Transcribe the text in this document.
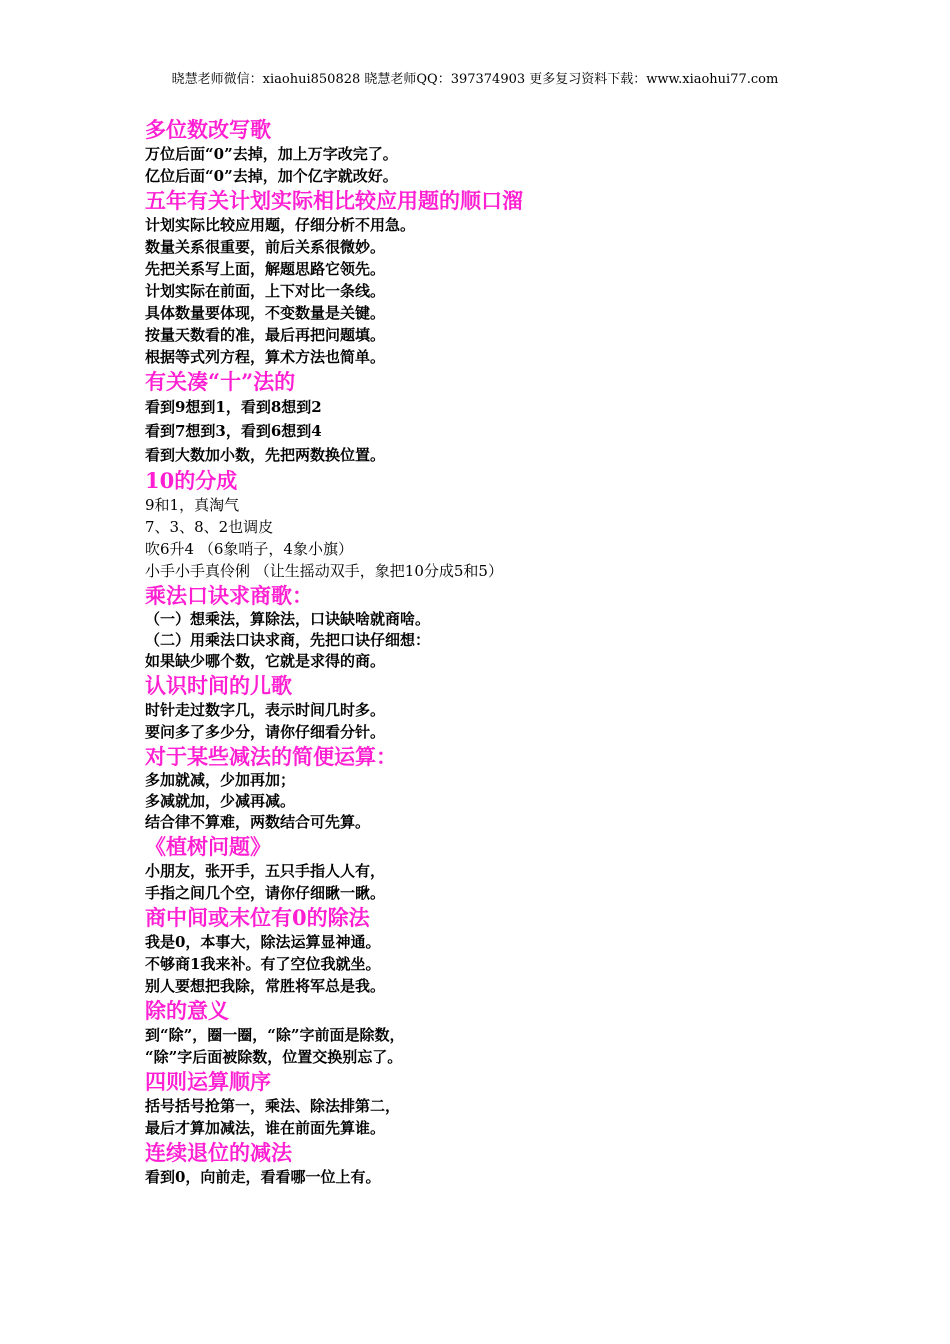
晓慧老师微信：xiaohui850828 晓慧老师QQ：397374903 更多复习资料下载：www.xiaohui77.com
多位数改写歌
万位后面“0”去掉，加上万字改完了。
亿位后面“0”去掉，加个亿字就改好。
五年有关计划实际相比较应用题的顺口溜
计划实际比较应用题，仔细分析不用急。
数量关系很重要，前后关系很微妙。
先把关系写上面，解题思路它领先。
计划实际在前面，上下对比一条线。
具体数量要体现，不变数量是关键。
按量天数看的准，最后再把问题填。
根据等式列方程，算术方法也简单。
有关凑“十”法的
看到9想到1，看到8想到2
看到7想到3，看到6想到4
看到大数加小数，先把两数换位置。
10的分成
9和1，真淘气
7、3、8、2也调皮
吹6升4 （6象哨子，4象小旗）
小手小手真伶俐 （让生摇动双手，象把10分成5和5）
乘法口诀求商歌：
（一）想乘法，算除法，口诀缺啥就商啥。
（二）用乘法口诀求商，先把口诀仔细想：
如果缺少哪个数，它就是求得的商。
认识时间的儿歌
时针走过数字几，表示时间几时多。
要问多了多少分，请你仔细看分针。
对于某些减法的简便运算：
多加就减，少加再加；
多减就加，少减再减。
结合律不算难，两数结合可先算。
《植树问题》
小朋友，张开手，五只手指人人有，
手指之间几个空，请你仔细瞅一瞅。
商中间或末位有0的除法
我是0，本事大，除法运算显神通。
不够商1我来补。有了空位我就坐。
别人要想把我除，常胜将军总是我。
除的意义
到“除”，圈一圈，“除”字前面是除数，
“除”字后面被除数，位置交换别忘了。
四则运算顺序
括号括号抢第一，乘法、除法排第二，
最后才算加减法，谁在前面先算谁。
连续退位的减法
看到0，向前走，看看哪一位上有。
